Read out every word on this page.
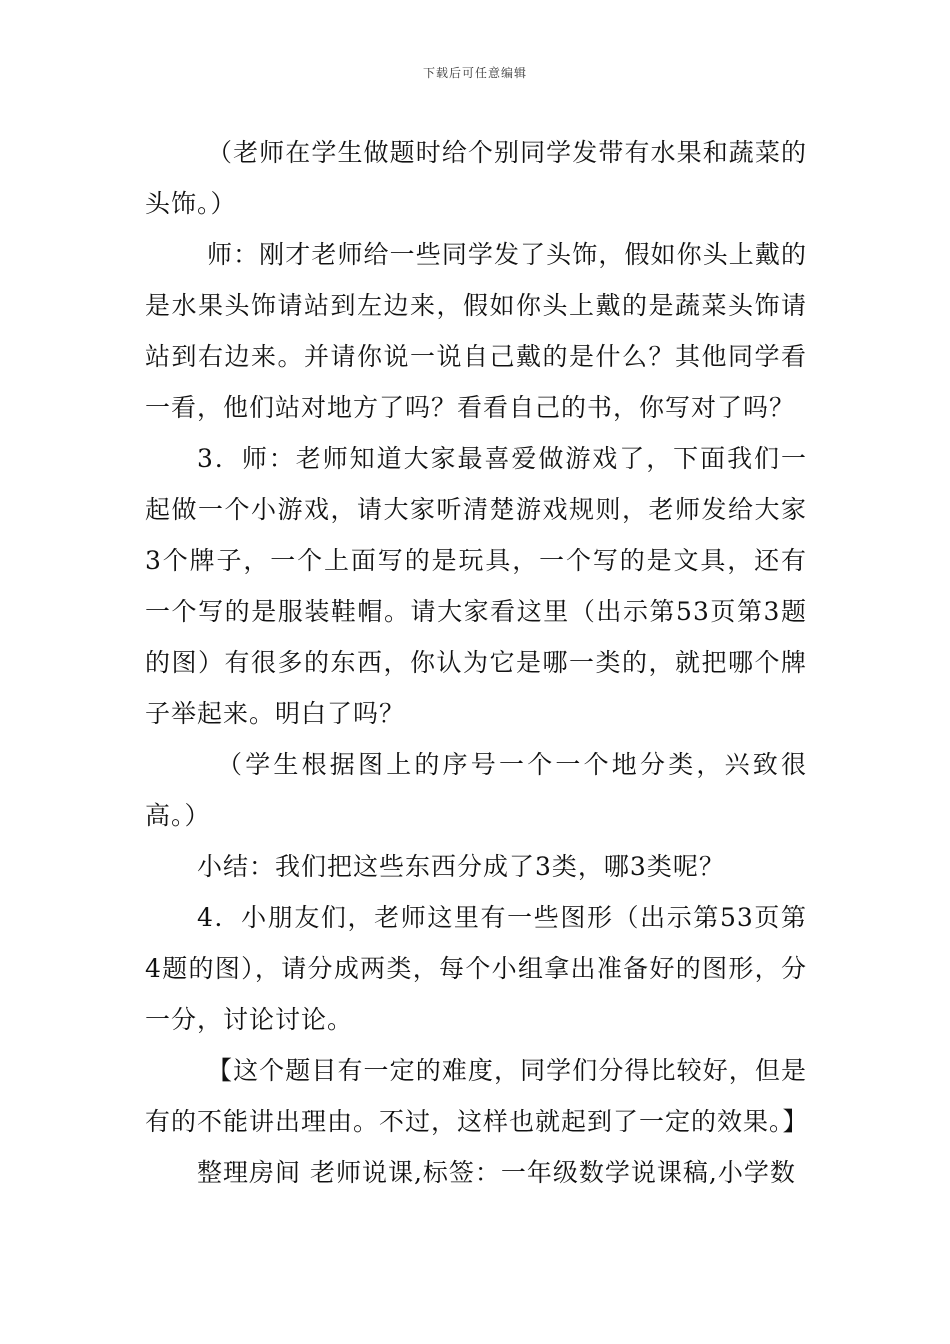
下载后可任意编辑

（老师在学生做题时给个别同学发带有水果和蔬菜的头饰。）

师：刚才老师给一些同学发了头饰，假如你头上戴的是水果头饰请站到左边来，假如你头上戴的是蔬菜头饰请站到右边来。并请你说一说自己戴的是什么？其他同学看一看，他们站对地方了吗？看看自己的书，你写对了吗？

3．师：老师知道大家最喜爱做游戏了，下面我们一起做一个小游戏，请大家听清楚游戏规则，老师发给大家3个牌子，一个上面写的是玩具，一个写的是文具，还有一个写的是服装鞋帽。请大家看这里（出示第53页第3题的图）有很多的东西，你认为它是哪一类的，就把哪个牌子举起来。明白了吗？

（学生根据图上的序号一个一个地分类，兴致很高。）

小结：我们把这些东西分成了3类，哪3类呢？

4．小朋友们，老师这里有一些图形（出示第53页第4题的图），请分成两类，每个小组拿出准备好的图形，分一分，讨论讨论。

【这个题目有一定的难度，同学们分得比较好，但是有的不能讲出理由。不过，这样也就起到了一定的效果。】

整理房间 老师说课,标签：一年级数学说课稿,小学数
